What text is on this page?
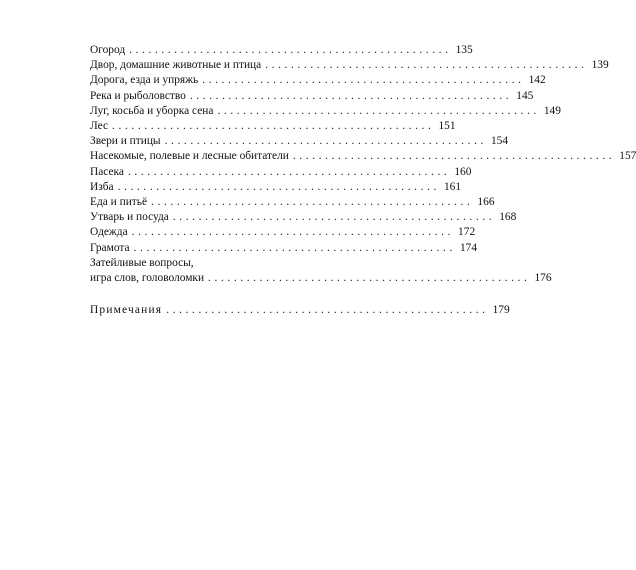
Огород .................................................. 135
Двор, домашние животные и птица .................................................. 139
Дорога, езда и упряжь .................................................. 142
Река и рыболовство .................................................. 145
Луг, косьба и уборка сена .................................................. 149
Лес .................................................. 151
Звери и птицы .................................................. 154
Насекомые, полевые и лесные обитатели .................................................. 157
Пасека .................................................. 160
Изба .................................................. 161
Еда и питьё .................................................. 166
Утварь и посуда .................................................. 168
Одежда .................................................. 172
Грамота .................................................. 174
Затейливые вопросы,
игра слов, головоломки .................................................. 176
Примечания .................................................. 179
